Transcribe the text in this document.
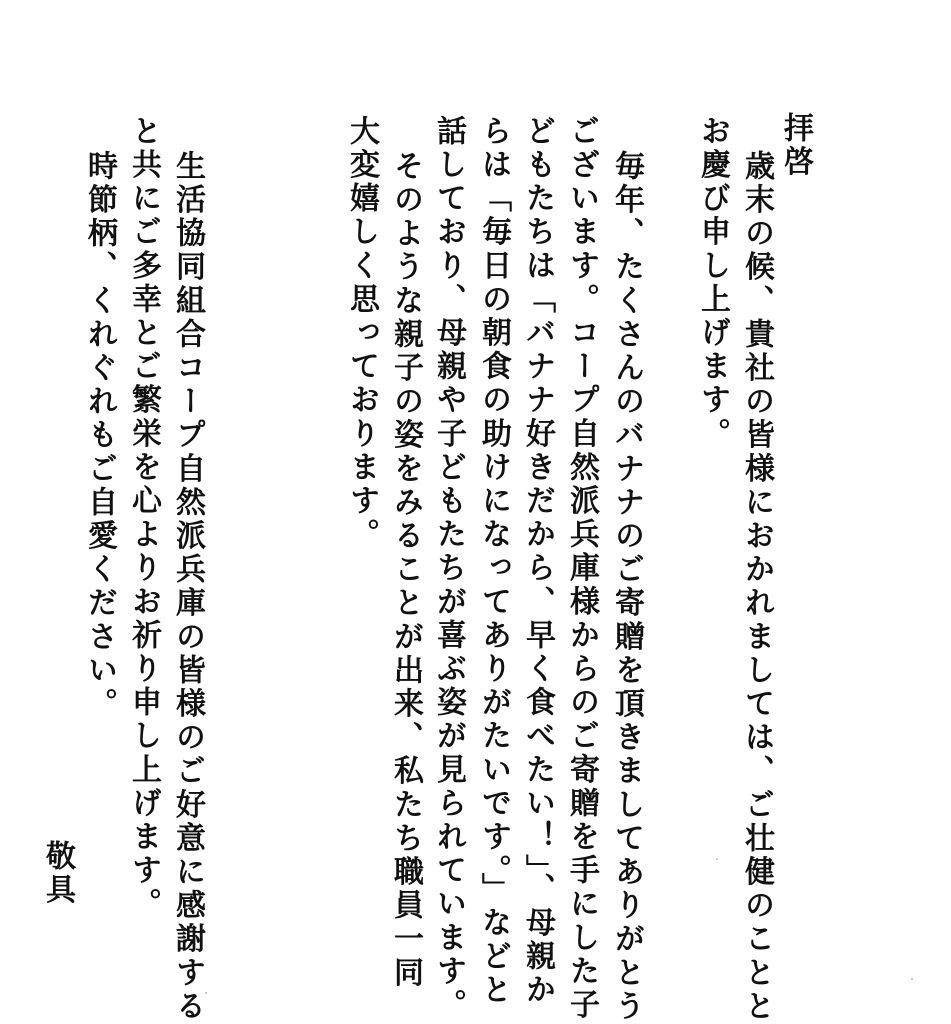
拝啓
歳末の候、貴社の皆様におかれましては、ご壮健のことと
お慶び申し上げます。
毎年、たくさんのバナナのご寄贈を頂きましてありがとう
ございます。コープ自然派兵庫様からのご寄贈を手にした子
どもたちは「バナナ好きだから、早く食べたい！」、母親か
らは「毎日の朝食の助けになってありがたいです。」などと
話しており、母親や子どもたちが喜ぶ姿が見られています。
そのような親子の姿をみることが出来、私たち職員一同
大変嬉しく思っております。
生活協同組合コープ自然派兵庫の皆様のご好意に感謝する
と共にご多幸とご繁栄を心よりお祈り申し上げます。
時節柄、くれぐれもご自愛ください。
敬具
